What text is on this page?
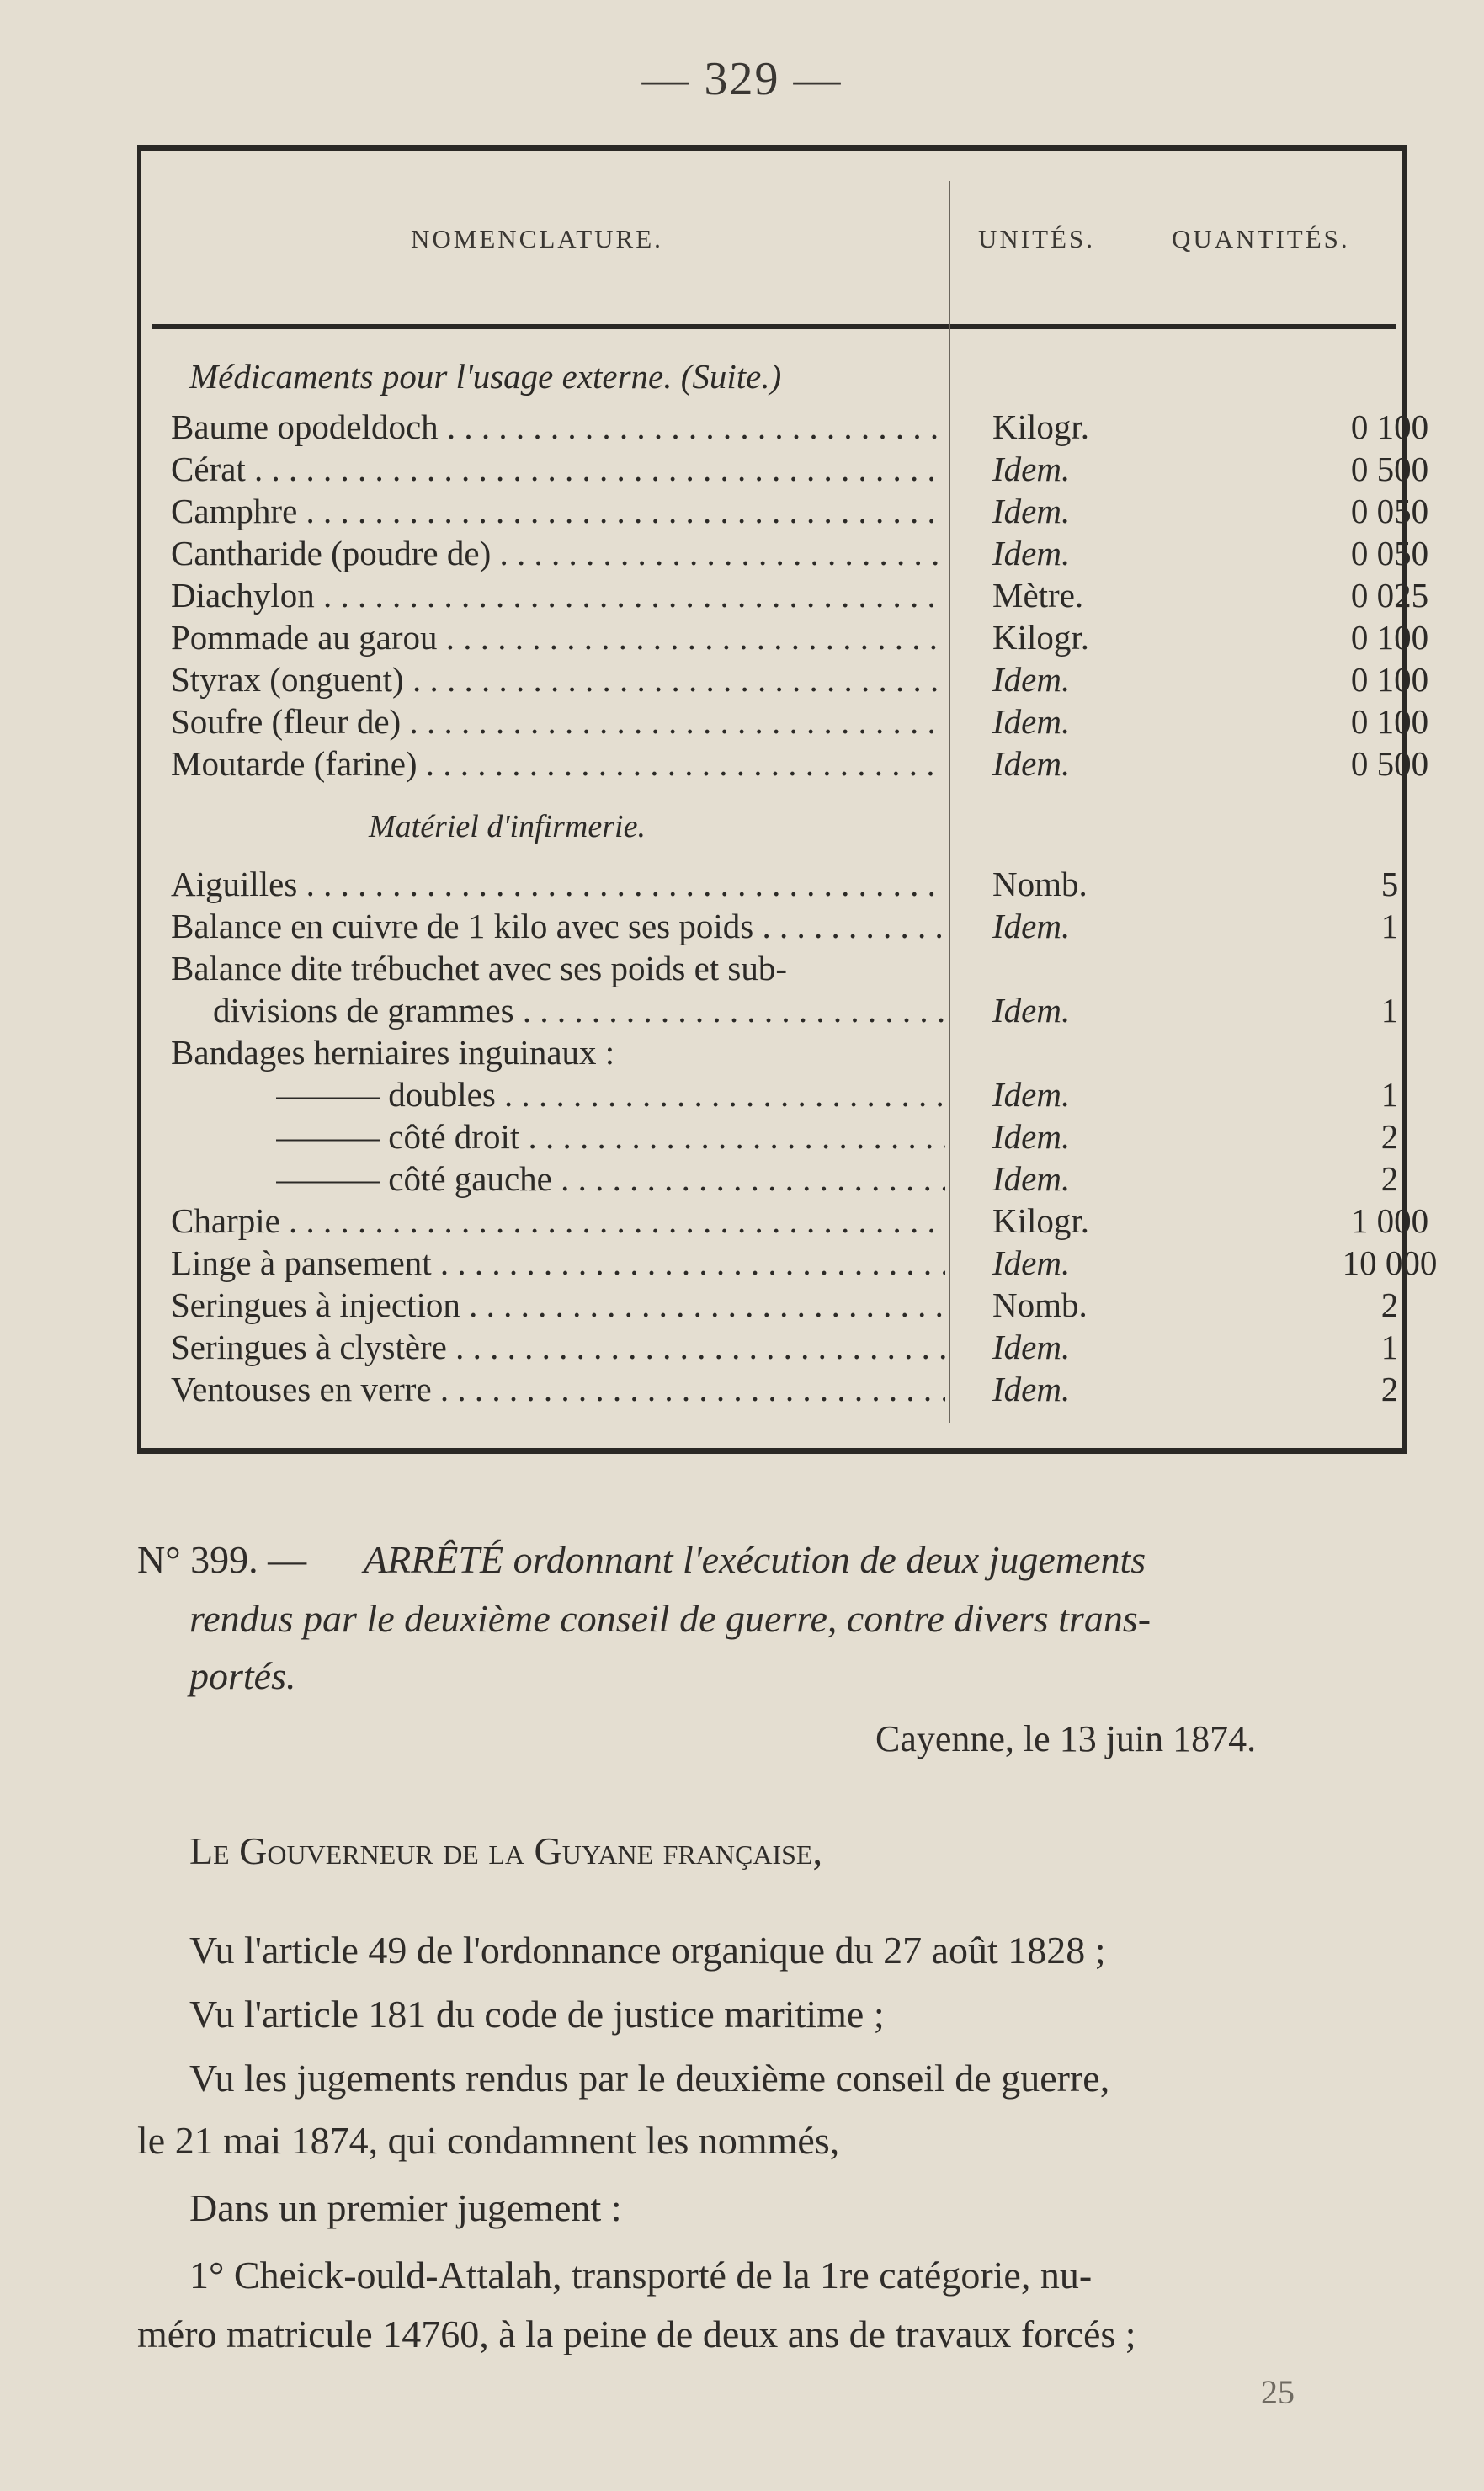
— 329 —
NOMENCLATURE.	UNITÉS.	QUANTITÉS.
Médicaments pour l'usage externe. (Suite.)
Baume opodeldoch . . .	Kilogr.	0 100
Cérat . . .	Idem.	0 500
Camphre . . .	Idem.	0 050
Cantharide (poudre de) . . .	Idem.	0 050
Diachylon . . .	Mètre.	0 025
Pommade au garou . . .	Kilogr.	0 100
Styrax (onguent) . . .	Idem.	0 100
Soufre (fleur de) . . .	Idem.	0 100
Moutarde (farine) . . .	Idem.	0 500
Matériel d'infirmerie.
Aiguilles . . .	Nomb.	5
Balance en cuivre de 1 kilo avec ses poids . . .	Idem.	1
Balance dite trébuchet avec ses poids et sub-
divisions de grammes . . .	Idem.	1
Bandages herniaires inguinaux :
——— doubles . . .	Idem.	1
——— côté droit . . .	Idem.	2
——— côté gauche . . .	Idem.	2
Charpie . . .	Kilogr.	1 000
Linge à pansement . . .	Idem.	10 000
Seringues à injection . . .	Nomb.	2
Seringues à clystère . . .	Idem.	1
Ventouses en verre . . .	Idem.	2
N° 399. — ARRÊTÉ ordonnant l'exécution de deux jugements
rendus par le deuxième conseil de guerre, contre divers trans-
portés.
Cayenne, le 13 juin 1874.
Le Gouverneur de la Guyane française,
Vu l'article 49 de l'ordonnance organique du 27 août 1828 ;
Vu l'article 181 du code de justice maritime ;
Vu les jugements rendus par le deuxième conseil de guerre,
le 21 mai 1874, qui condamnent les nommés,
Dans un premier jugement :
1° Cheick-ould-Attalah, transporté de la 1re catégorie, nu-
méro matricule 14760, à la peine de deux ans de travaux forcés ;
25
